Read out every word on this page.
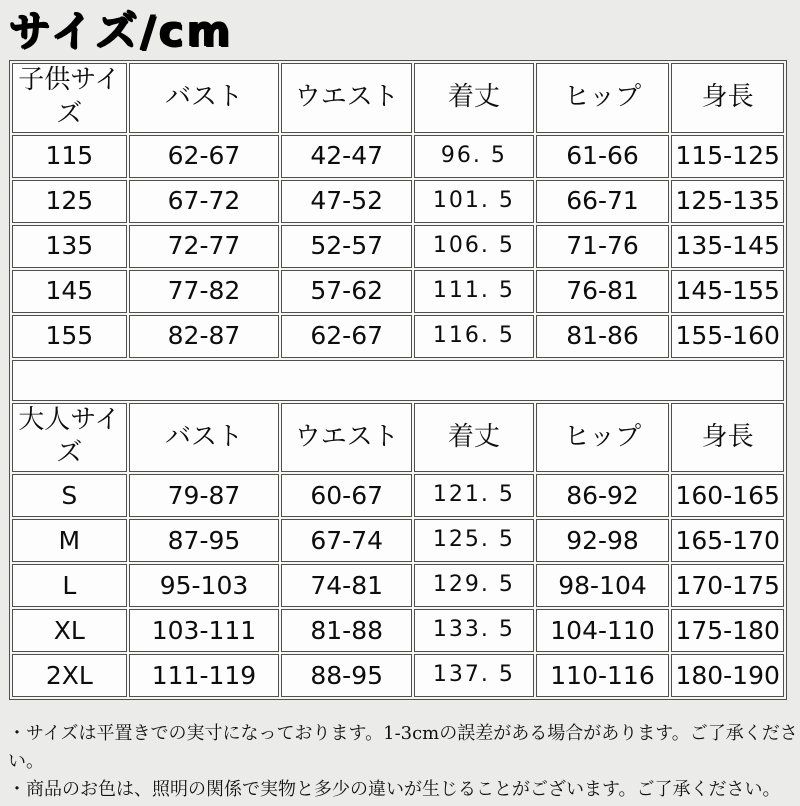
サイズ/cm
子供サイズ	バスト	ウエスト	着丈	ヒップ	身長
115	62-67	42-47	96. 5	61-66	115-125
125	67-72	47-52	101. 5	66-71	125-135
135	72-77	52-57	106. 5	71-76	135-145
145	77-82	57-62	111. 5	76-81	145-155
155	82-87	62-67	116. 5	81-86	155-160

大人サイズ	バスト	ウエスト	着丈	ヒップ	身長
S	79-87	60-67	121. 5	86-92	160-165
M	87-95	67-74	125. 5	92-98	165-170
L	95-103	74-81	129. 5	98-104	170-175
XL	103-111	81-88	133. 5	104-110	175-180
2XL	111-119	88-95	137. 5	110-116	180-190
・サイズは平置きでの実寸になっております。1-3cmの誤差がある場合があります。ご了承ください。
・商品のお色は、照明の関係で実物と多少の違いが生じることがございます。ご了承ください。
